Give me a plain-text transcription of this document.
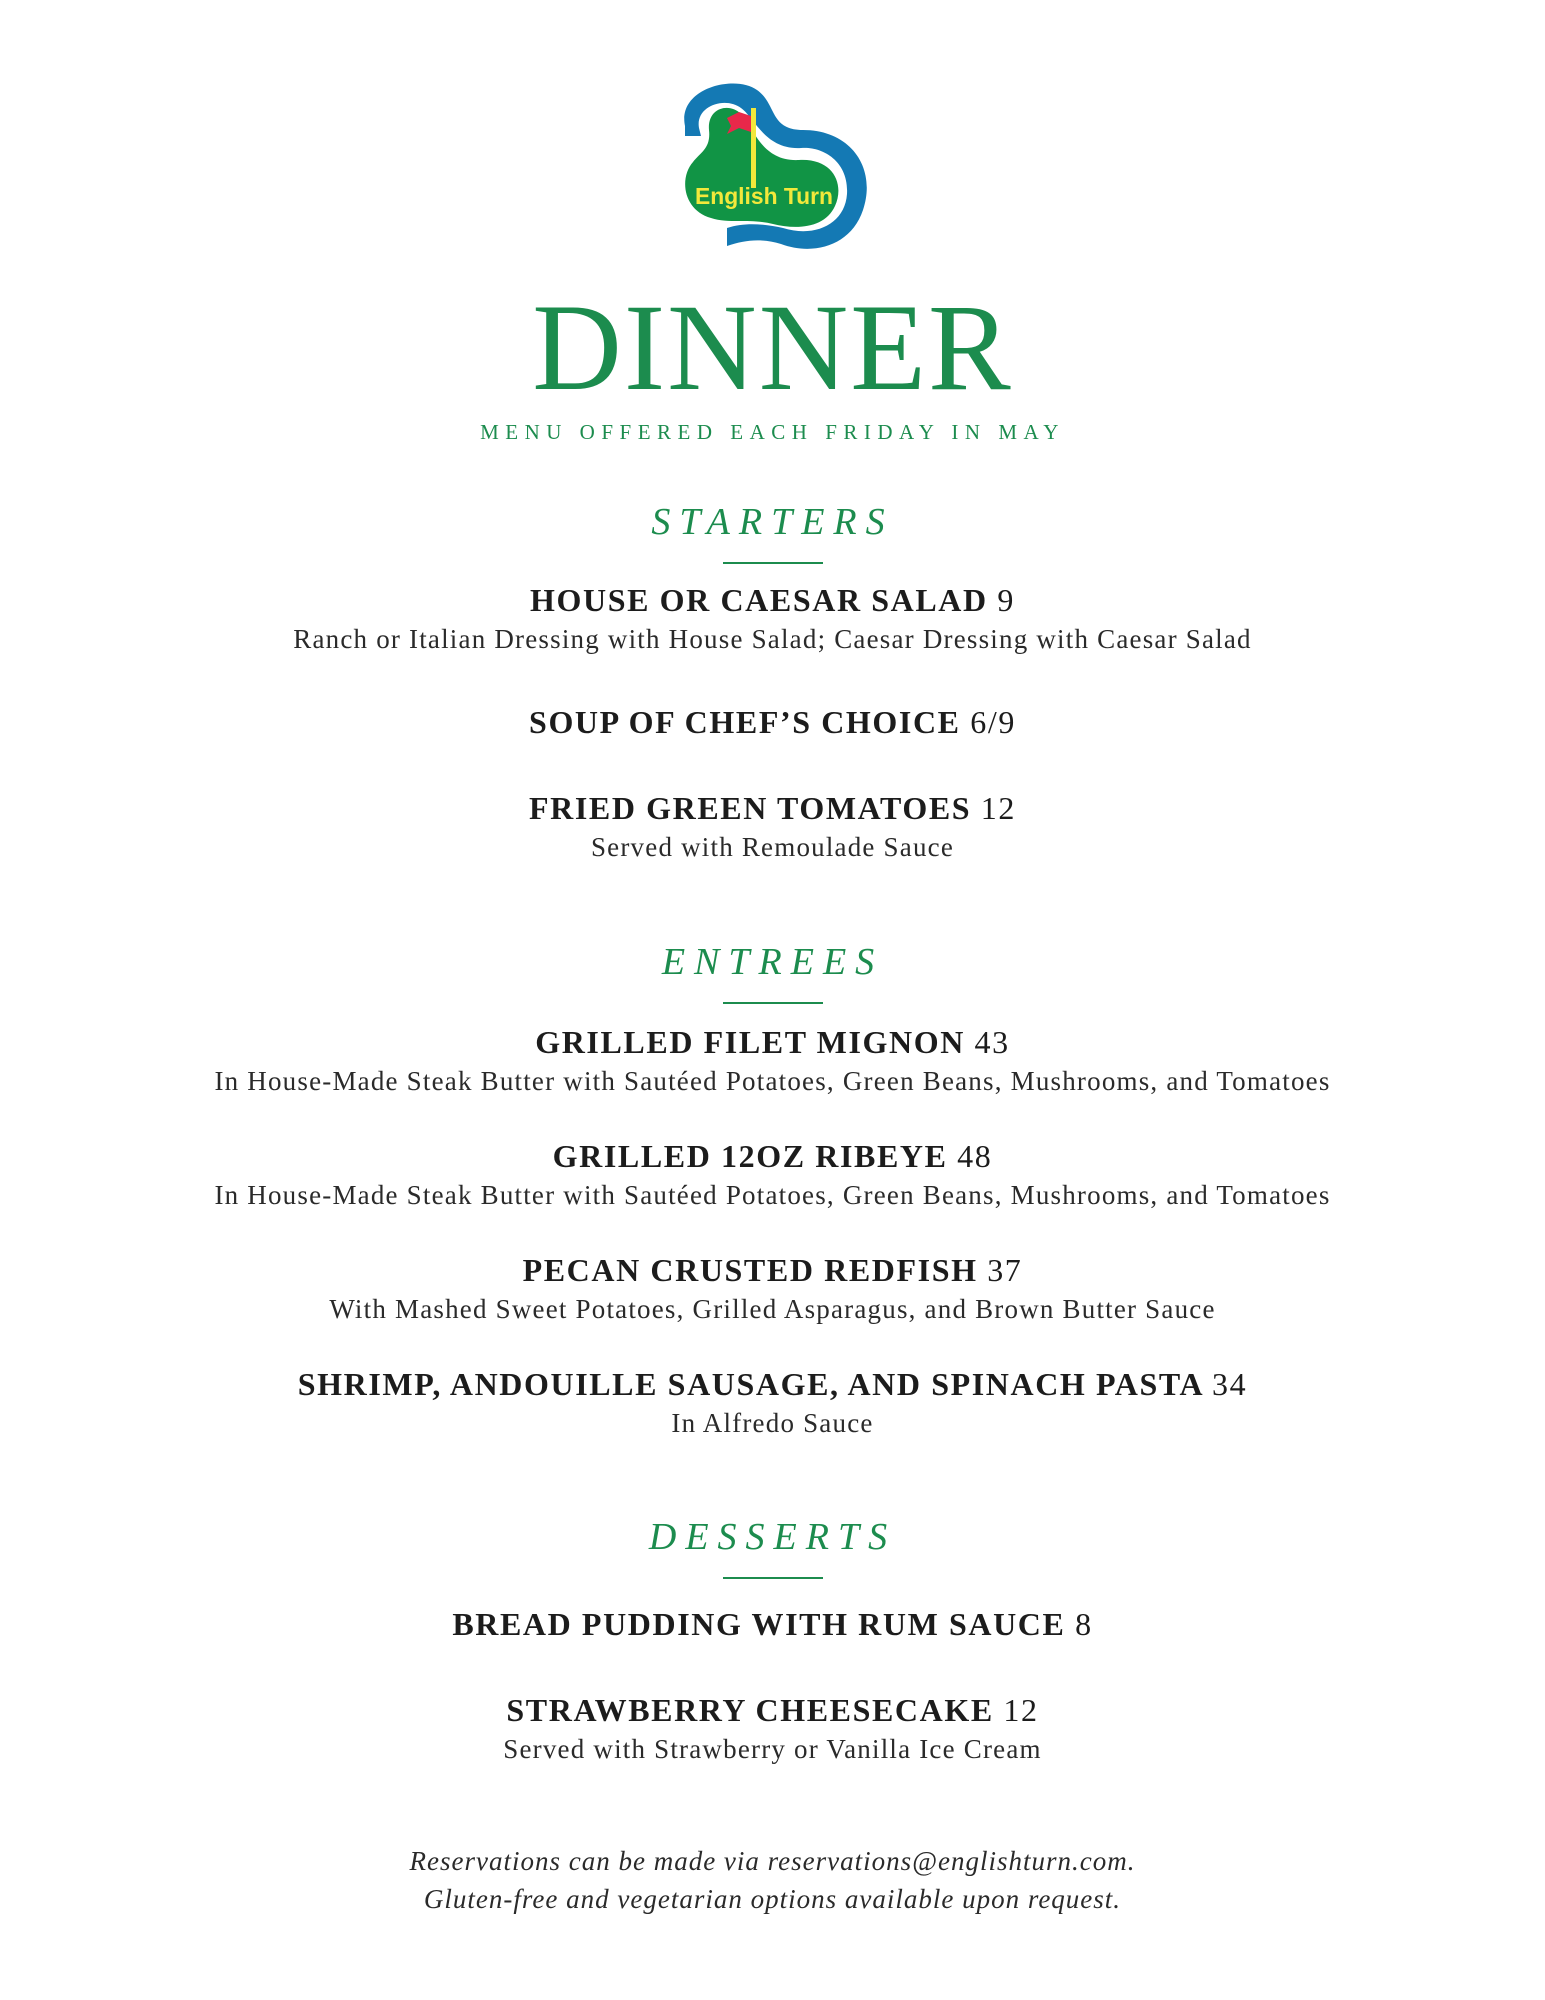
English Turn
DINNER
MENU OFFERED EACH FRIDAY IN MAY
STARTERS
HOUSE OR CAESAR SALAD 9
Ranch or Italian Dressing with House Salad; Caesar Dressing with Caesar Salad
SOUP OF CHEF’S CHOICE 6/9
FRIED GREEN TOMATOES 12
Served with Remoulade Sauce
ENTREES
GRILLED FILET MIGNON 43
In House-Made Steak Butter with Sautéed Potatoes, Green Beans, Mushrooms, and Tomatoes
GRILLED 12OZ RIBEYE 48
In House-Made Steak Butter with Sautéed Potatoes, Green Beans, Mushrooms, and Tomatoes
PECAN CRUSTED REDFISH 37
With Mashed Sweet Potatoes, Grilled Asparagus, and Brown Butter Sauce
SHRIMP, ANDOUILLE SAUSAGE, AND SPINACH PASTA 34
In Alfredo Sauce
DESSERTS
BREAD PUDDING WITH RUM SAUCE 8
STRAWBERRY CHEESECAKE 12
Served with Strawberry or Vanilla Ice Cream
Reservations can be made via reservations@englishturn.com.
Gluten-free and vegetarian options available upon request.
